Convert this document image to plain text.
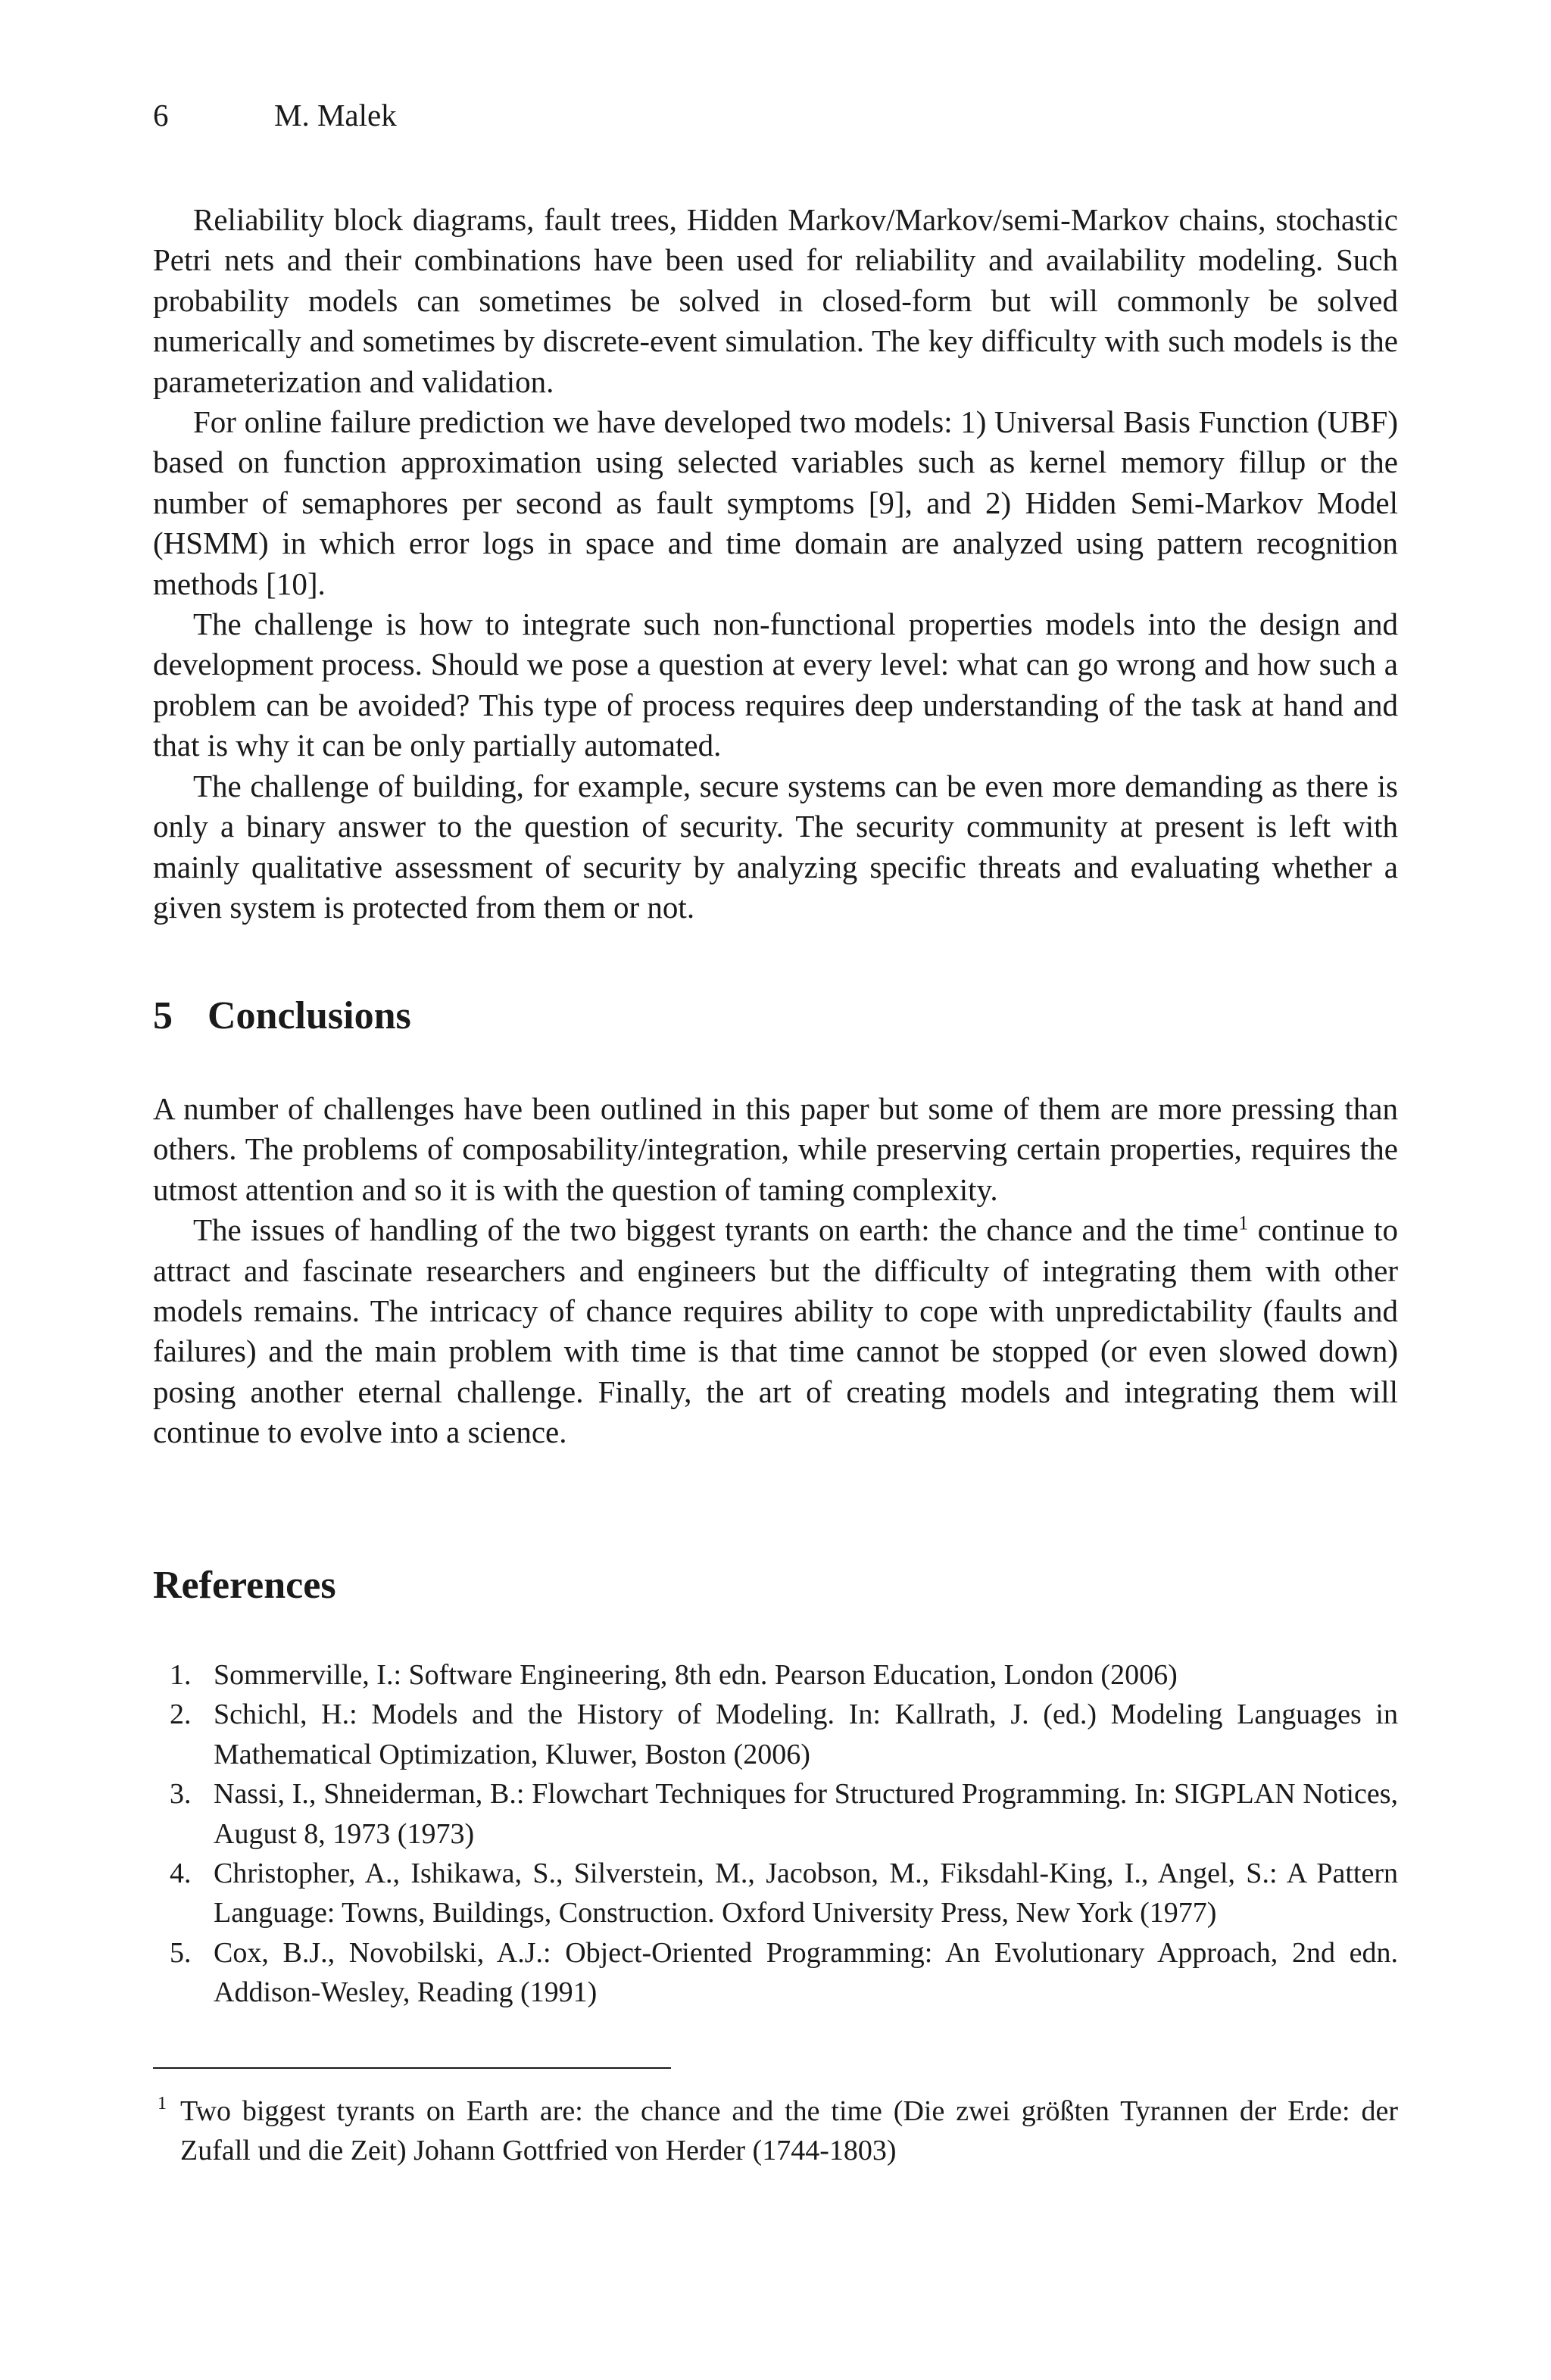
6	M. Malek

Reliability block diagrams, fault trees, Hidden Markov/Markov/semi-Markov chains, stochastic Petri nets and their combinations have been used for reliability and availability modeling. Such probability models can sometimes be solved in closed-form but will commonly be solved numerically and sometimes by discrete-event simulation. The key difficulty with such models is the parameterization and validation.

For online failure prediction we have developed two models: 1) Universal Basis Function (UBF) based on function approximation using selected variables such as kernel memory fillup or the number of semaphores per second as fault symptoms [9], and 2) Hidden Semi-Markov Model (HSMM) in which error logs in space and time domain are analyzed using pattern recognition methods [10].

The challenge is how to integrate such non-functional properties models into the design and development process. Should we pose a question at every level: what can go wrong and how such a problem can be avoided? This type of process requires deep understanding of the task at hand and that is why it can be only partially automated.

The challenge of building, for example, secure systems can be even more demanding as there is only a binary answer to the question of security. The security community at present is left with mainly qualitative assessment of security by analyzing specific threats and evaluating whether a given system is protected from them or not.

5 Conclusions

A number of challenges have been outlined in this paper but some of them are more pressing than others. The problems of composability/integration, while preserving certain properties, requires the utmost attention and so it is with the question of taming complexity.

The issues of handling of the two biggest tyrants on earth: the chance and the time$^1$ continue to attract and fascinate researchers and engineers but the difficulty of integrating them with other models remains. The intricacy of chance requires ability to cope with unpredictability (faults and failures) and the main problem with time is that time cannot be stopped (or even slowed down) posing another eternal challenge. Finally, the art of creating models and integrating them will continue to evolve into a science.

References
1. Sommerville, I.: Software Engineering, 8th edn. Pearson Education, London (2006)
2. Schichl, H.: Models and the History of Modeling. In: Kallrath, J. (ed.) Modeling Languages in Mathematical Optimization, Kluwer, Boston (2006)
3. Nassi, I., Shneiderman, B.: Flowchart Techniques for Structured Programming. In: SIGPLAN Notices, August 8, 1973 (1973)
4. Christopher, A., Ishikawa, S., Silverstein, M., Jacobson, M., Fiksdahl-King, I., Angel, S.: A Pattern Language: Towns, Buildings, Construction. Oxford University Press, New York (1977)
5. Cox, B.J., Novobilski, A.J.: Object-Oriented Programming: An Evolutionary Approach, 2nd edn. Addison-Wesley, Reading (1991)
1 Two biggest tyrants on Earth are: the chance and the time (Die zwei größten Tyrannen der Erde: der Zufall und die Zeit) Johann Gottfried von Herder (1744-1803)
